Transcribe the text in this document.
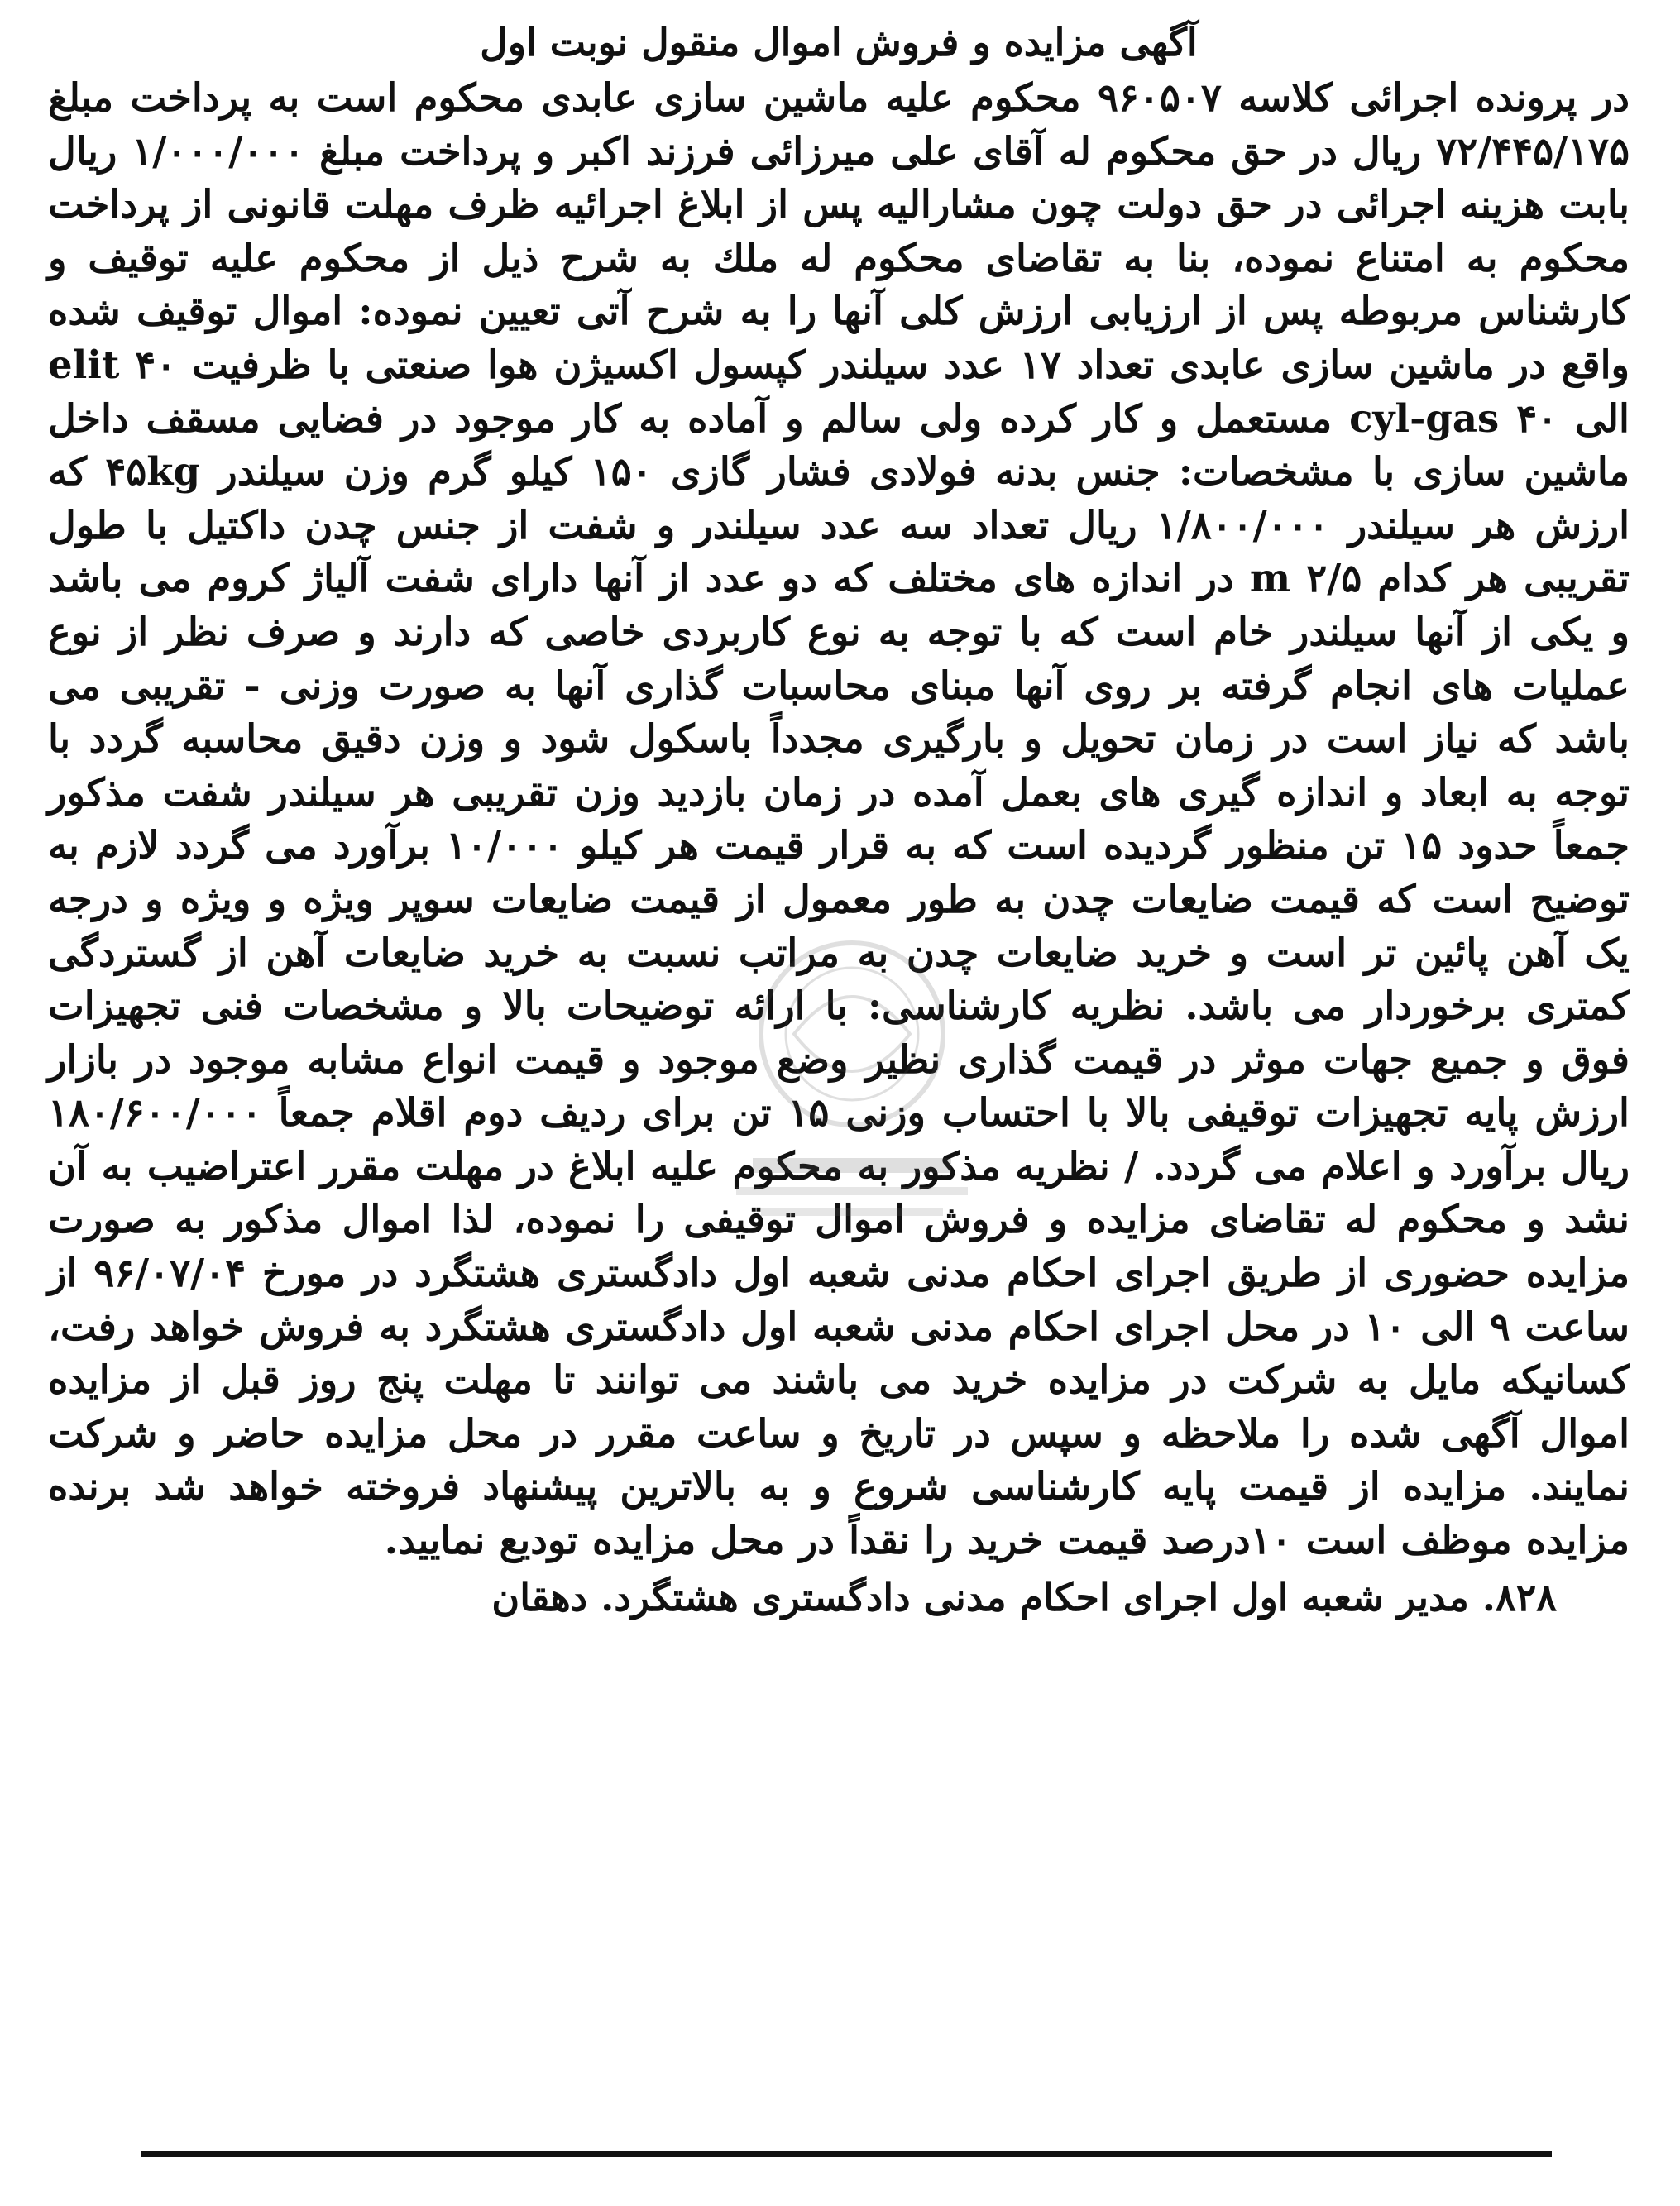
آگهی مزایده و فروش اموال منقول نوبت اول

در پرونده اجرائی کلاسه ۹۶۰۵۰۷ محکوم علیه ماشین سازی عابدی محکوم است به پرداخت مبلغ ۷۲/۴۴۵/۱۷۵ ریال در حق محکوم له آقای علی میرزائی فرزند اکبر و پرداخت مبلغ ۱/۰۰۰/۰۰۰ ریال بابت هزینه اجرائی در حق دولت چون مشارالیه پس از ابلاغ اجرائیه ظرف مهلت قانونی از پرداخت محکوم به امتناع نموده، بنا به تقاضای محکوم له ملك به شرح ذیل از محکوم علیه توقیف و کارشناس مربوطه پس از ارزیابی ارزش کلی آنها را به شرح آتی تعیین نموده: اموال توقیف شده واقع در ماشین سازی عابدی تعداد ۱۷ عدد سیلندر کپسول اکسیژن هوا صنعتی با ظرفیت ۴۰ elit الی ۴۰ cyl-gas مستعمل و کار کرده ولی سالم و آماده به کار موجود در فضایی مسقف داخل ماشین سازی با مشخصات: جنس بدنه فولادی فشار گازی ۱۵۰ کیلو گرم وزن سیلندر ۴۵kg که ارزش هر سیلندر ۱/۸۰۰/۰۰۰ ریال تعداد سه عدد سیلندر و شفت از جنس چدن داکتیل با طول تقریبی هر کدام ۲/۵ m در اندازه های مختلف که دو عدد از آنها دارای شفت آلیاژ کروم می باشد و یکی از آنها سیلندر خام است که با توجه به نوع کاربردی خاصی که دارند و صرف نظر از نوع عملیات های انجام گرفته بر روی آنها مبنای محاسبات گذاری آنها به صورت وزنی - تقریبی می باشد که نیاز است در زمان تحویل و بارگیری مجدداً باسکول شود و وزن دقیق محاسبه گردد با توجه به ابعاد و اندازه گیری های بعمل آمده در زمان بازدید وزن تقریبی هر سیلندر شفت مذکور جمعاً حدود ۱۵ تن منظور گردیده است که به قرار قیمت هر کیلو ۱۰/۰۰۰ برآورد می گردد لازم به توضیح است که قیمت ضایعات چدن به طور معمول از قیمت ضایعات سوپر ویژه و ویژه و درجه یک آهن پائین تر است و خرید ضایعات چدن به مراتب نسبت به خرید ضایعات آهن از گستردگی کمتری برخوردار می باشد. نظریه کارشناسی: با ارائه توضیحات بالا و مشخصات فنی تجهیزات فوق و جمیع جهات موثر در قیمت گذاری نظیر وضع موجود و قیمت انواع مشابه موجود در بازار ارزش پایه تجهیزات توقیفی بالا با احتساب وزنی ۱۵ تن برای ردیف دوم اقلام جمعاً ۱۸۰/۶۰۰/۰۰۰ ریال برآورد و اعلام می گردد. / نظریه مذکور به محکوم علیه ابلاغ در مهلت مقرر اعتراضیب به آن نشد و محکوم له تقاضای مزایده و فروش اموال توقیفی را نموده، لذا اموال مذکور به صورت مزایده حضوری از طریق اجرای احکام مدنی شعبه اول دادگستری هشتگرد در مورخ ۹۶/۰۷/۰۴ از ساعت ۹ الی ۱۰ در محل اجرای احکام مدنی شعبه اول دادگستری هشتگرد به فروش خواهد رفت، کسانیکه مایل به شرکت در مزایده خرید می باشند می توانند تا مهلت پنج روز قبل از مزایده اموال آگهی شده را ملاحظه و سپس در تاریخ و ساعت مقرر در محل مزایده حاضر و شرکت نمایند. مزایده از قیمت پایه کارشناسی شروع و به بالاترین پیشنهاد فروخته خواهد شد برنده مزایده موظف است ۱۰درصد قیمت خرید را نقداً در محل مزایده تودیع نمایید.

۸۲۸. مدیر شعبه اول اجرای احکام مدنی دادگستری هشتگرد. دهقان
